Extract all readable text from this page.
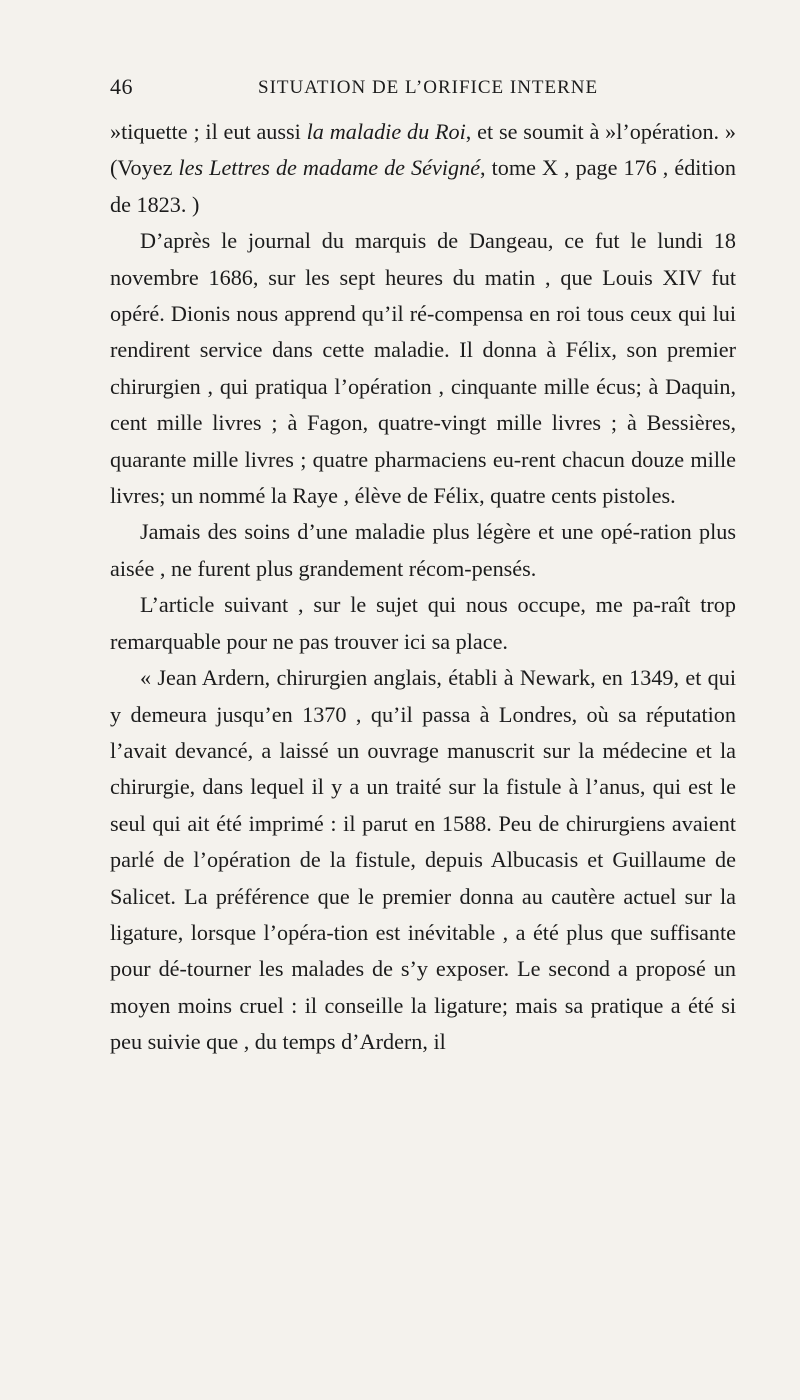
46	SITUATION DE L’ORIFICE INTERNE

»tiquette ; il eut aussi la maladie du Roi, et se soumit à »l’opération. » (Voyez les Lettres de madame de Sévigné, tome X , page 176 , édition de 1823. )

D’après le journal du marquis de Dangeau, ce fut le lundi 18 novembre 1686, sur les sept heures du matin , que Louis XIV fut opéré. Dionis nous apprend qu’il ré-compensa en roi tous ceux qui lui rendirent service dans cette maladie. Il donna à Félix, son premier chirurgien , qui pratiqua l’opération , cinquante mille écus; à Daquin, cent mille livres ; à Fagon, quatre-vingt mille livres ; à Bessières, quarante mille livres ; quatre pharmaciens eu-rent chacun douze mille livres; un nommé la Raye , élève de Félix, quatre cents pistoles.

Jamais des soins d’une maladie plus légère et une opé-ration plus aisée , ne furent plus grandement récom-pensés.

L’article suivant , sur le sujet qui nous occupe, me pa-raît trop remarquable pour ne pas trouver ici sa place.

« Jean Ardern, chirurgien anglais, établi à Newark, en 1349, et qui y demeura jusqu’en 1370 , qu’il passa à Londres, où sa réputation l’avait devancé, a laissé un ouvrage manuscrit sur la médecine et la chirurgie, dans lequel il y a un traité sur la fistule à l’anus, qui est le seul qui ait été imprimé : il parut en 1588. Peu de chirurgiens avaient parlé de l’opération de la fistule, depuis Albucasis et Guillaume de Salicet. La préférence que le premier donna au cautère actuel sur la ligature, lorsque l’opéra-tion est inévitable , a été plus que suffisante pour dé-tourner les malades de s’y exposer. Le second a proposé un moyen moins cruel : il conseille la ligature; mais sa pratique a été si peu suivie que , du temps d’Ardern, il
